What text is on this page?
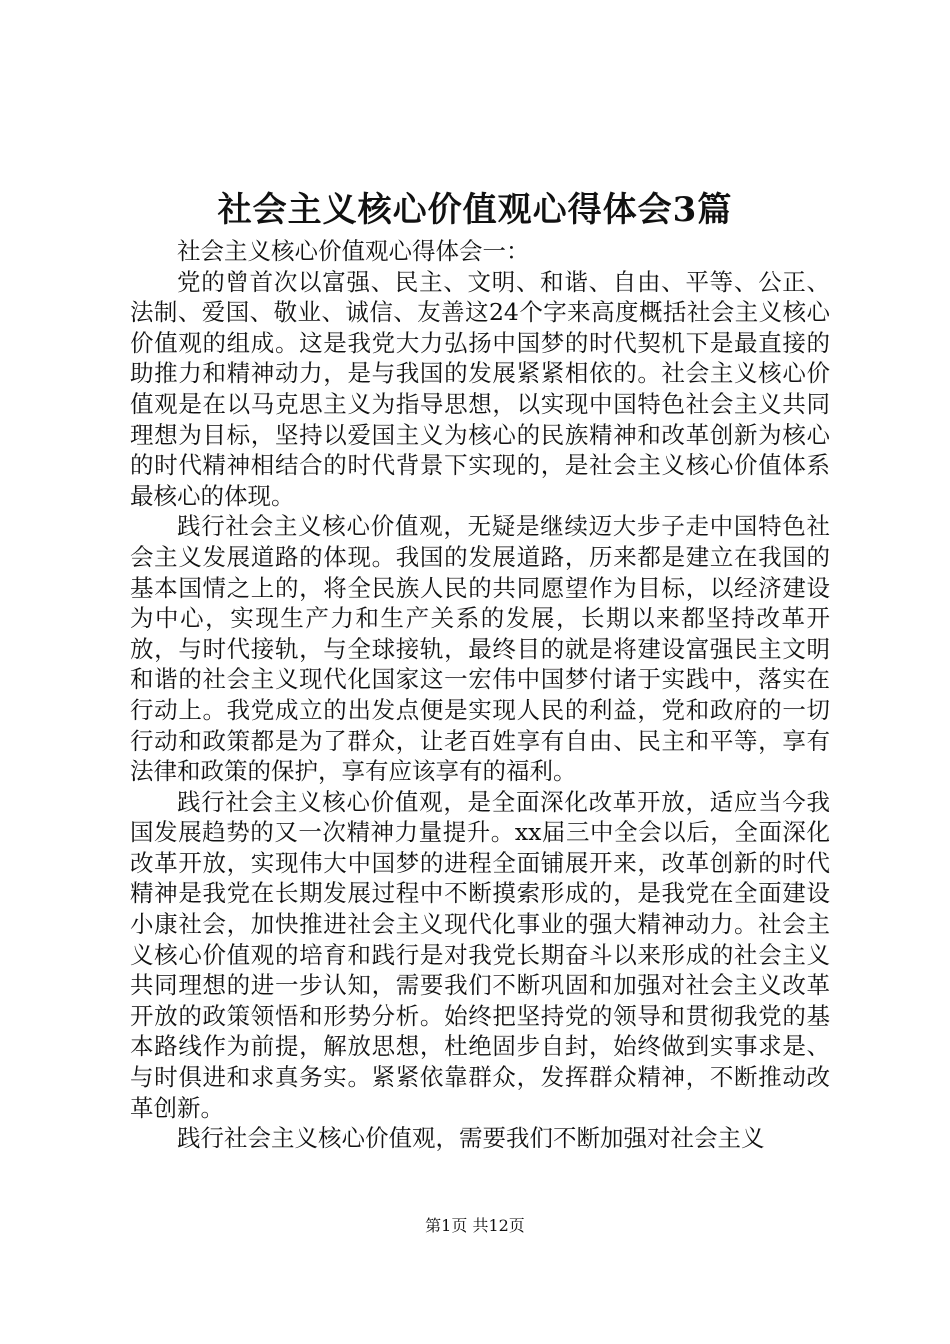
社会主义核心价值观心得体会3篇

社会主义核心价值观心得体会一：

党的曾首次以富强、民主、文明、和谐、自由、平等、公正、法制、爱国、敬业、诚信、友善这24个字来高度概括社会主义核心价值观的组成。这是我党大力弘扬中国梦的时代契机下是最直接的助推力和精神动力，是与我国的发展紧紧相依的。社会主义核心价值观是在以马克思主义为指导思想，以实现中国特色社会主义共同理想为目标，坚持以爱国主义为核心的民族精神和改革创新为核心的时代精神相结合的时代背景下实现的，是社会主义核心价值体系最核心的体现。

践行社会主义核心价值观，无疑是继续迈大步子走中国特色社会主义发展道路的体现。我国的发展道路，历来都是建立在我国的基本国情之上的，将全民族人民的共同愿望作为目标，以经济建设为中心，实现生产力和生产关系的发展，长期以来都坚持改革开放，与时代接轨，与全球接轨，最终目的就是将建设富强民主文明和谐的社会主义现代化国家这一宏伟中国梦付诸于实践中，落实在行动上。我党成立的出发点便是实现人民的利益，党和政府的一切行动和政策都是为了群众，让老百姓享有自由、民主和平等，享有法律和政策的保护，享有应该享有的福利。

践行社会主义核心价值观，是全面深化改革开放，适应当今我国发展趋势的又一次精神力量提升。xx届三中全会以后，全面深化改革开放，实现伟大中国梦的进程全面铺展开来，改革创新的时代精神是我党在长期发展过程中不断摸索形成的，是我党在全面建设小康社会，加快推进社会主义现代化事业的强大精神动力。社会主义核心价值观的培育和践行是对我党长期奋斗以来形成的社会主义共同理想的进一步认知，需要我们不断巩固和加强对社会主义改革开放的政策领悟和形势分析。始终把坚持党的领导和贯彻我党的基本路线作为前提，解放思想，杜绝固步自封，始终做到实事求是、与时俱进和求真务实。紧紧依靠群众，发挥群众精神，不断推动改革创新。

践行社会主义核心价值观，需要我们不断加强对社会主义

第1页 共12页
